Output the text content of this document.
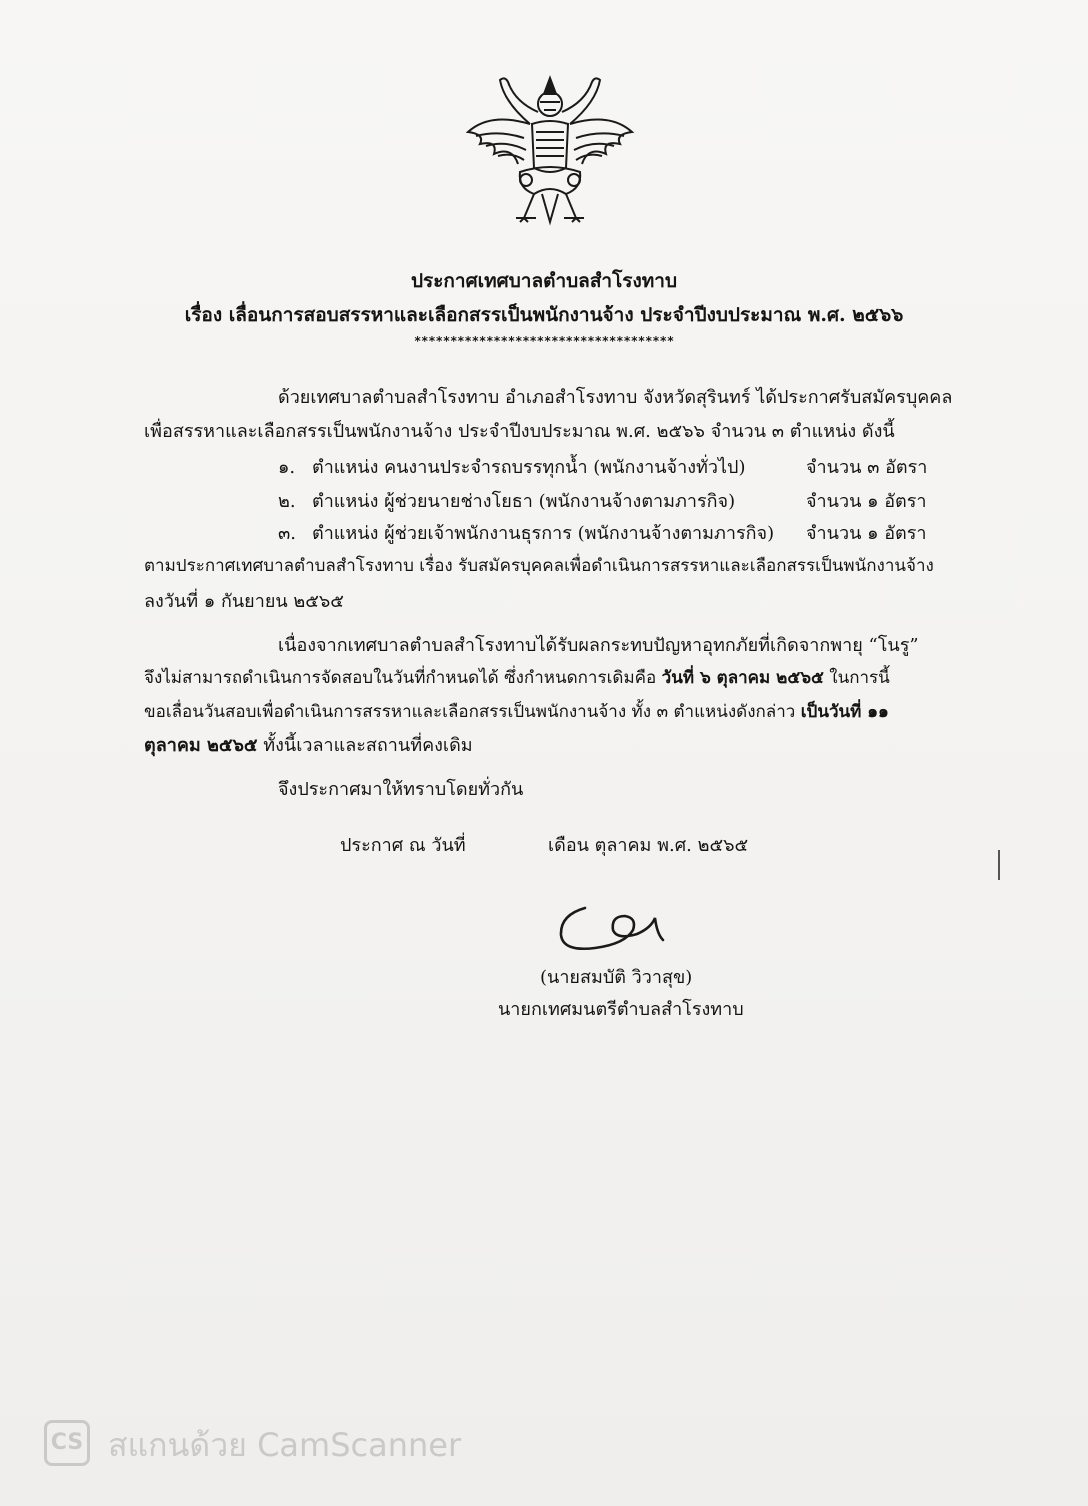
ประกาศเทศบาลตำบลสำโรงทาบ
เรื่อง เลื่อนการสอบสรรหาและเลือกสรรเป็นพนักงานจ้าง ประจำปีงบประมาณ พ.ศ. ๒๕๖๖
************************************
ด้วยเทศบาลตำบลสำโรงทาบ อำเภอสำโรงทาบ จังหวัดสุรินทร์ ได้ประกาศรับสมัครบุคคล
เพื่อสรรหาและเลือกสรรเป็นพนักงานจ้าง ประจำปีงบประมาณ พ.ศ. ๒๕๖๖ จำนวน ๓ ตำแหน่ง ดังนี้
๑. ตำแหน่ง คนงานประจำรถบรรทุกน้ำ (พนักงานจ้างทั่วไป)	จำนวน ๓ อัตรา
๒. ตำแหน่ง ผู้ช่วยนายช่างโยธา (พนักงานจ้างตามภารกิจ)	จำนวน ๑ อัตรา
๓. ตำแหน่ง ผู้ช่วยเจ้าพนักงานธุรการ (พนักงานจ้างตามภารกิจ) จำนวน ๑ อัตรา
ตามประกาศเทศบาลตำบลสำโรงทาบ เรื่อง รับสมัครบุคคลเพื่อดำเนินการสรรหาและเลือกสรรเป็นพนักงานจ้าง
ลงวันที่ ๑ กันยายน ๒๕๖๕
เนื่องจากเทศบาลตำบลสำโรงทาบได้รับผลกระทบปัญหาอุทกภัยที่เกิดจากพายุ “โนรู”
จึงไม่สามารถดำเนินการจัดสอบในวันที่กำหนดได้ ซึ่งกำหนดการเดิมคือ วันที่ ๖ ตุลาคม ๒๕๖๕ ในการนี้
ขอเลื่อนวันสอบเพื่อดำเนินการสรรหาและเลือกสรรเป็นพนักงานจ้าง ทั้ง ๓ ตำแหน่งดังกล่าว เป็นวันที่ ๑๑
ตุลาคม ๒๕๖๕ ทั้งนี้เวลาและสถานที่คงเดิม
จึงประกาศมาให้ทราบโดยทั่วกัน
ประกาศ ณ วันที่	เดือน ตุลาคม พ.ศ. ๒๕๖๕
(นายสมบัติ วิวาสุข)
นายกเทศมนตรีตำบลสำโรงทาบ
CS สแกนด้วย CamScanner
